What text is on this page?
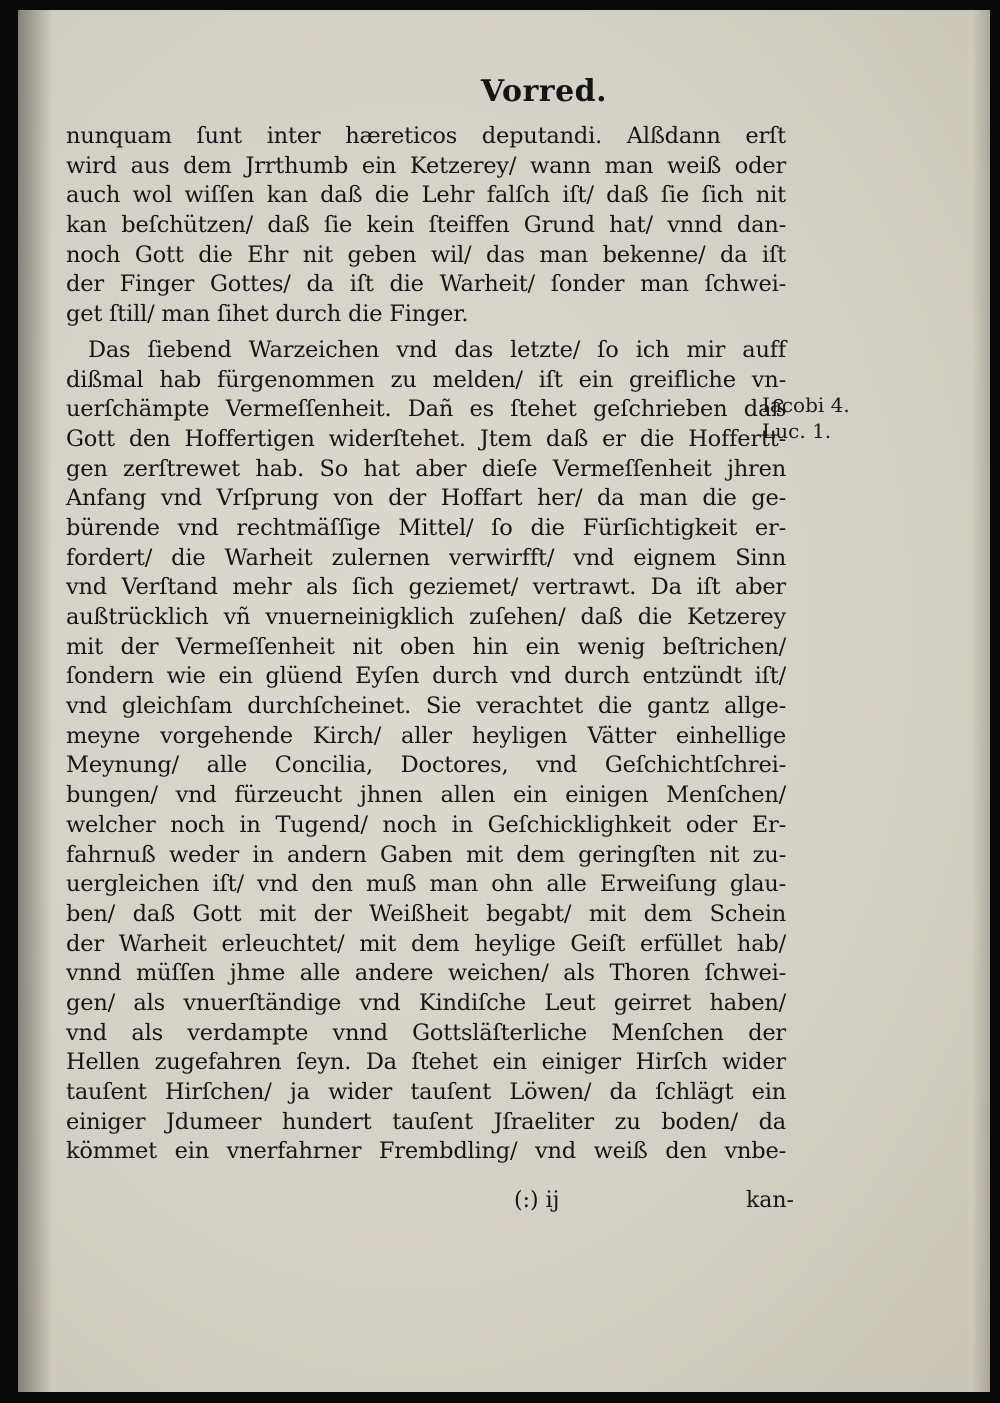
Vorred.
nunquam ſunt inter hæreticos deputandi. Alßdann erſt
wird aus dem Jrrthumb ein Ketzerey/ wann man weiß oder
auch wol wiſſen kan daß die Lehr falſch iſt/ daß ſie ſich nit
kan beſchützen/ daß ſie kein ſteiffen Grund hat/ vnnd dan-
noch Gott die Ehr nit geben wil/ das man bekenne/ da iſt
der Finger Gottes/ da iſt die Warheit/ ſonder man ſchwei-
get ſtill/ man ſihet durch die Finger.
Das ſiebend Warzeichen vnd das letzte/ ſo ich mir auff
dißmal hab fürgenommen zu melden/ iſt ein greifliche vn-
uerſchämpte Vermeſſenheit. Dañ es ſtehet geſchrieben daß
Gott den Hoffertigen widerſtehet. Jtem daß er die Hoffertt-
gen zerſtrewet hab. So hat aber dieſe Vermeſſenheit jhren
Anfang vnd Vrſprung von der Hoffart her/ da man die ge-
bürende vnd rechtmäſſige Mittel/ ſo die Fürſichtigkeit er-
fordert/ die Warheit zulernen verwirfft/ vnd eignem Sinn
vnd Verſtand mehr als ſich geziemet/ vertrawt. Da iſt aber
außtrücklich vñ vnuerneinigklich zuſehen/ daß die Ketzerey
mit der Vermeſſenheit nit oben hin ein wenig beſtrichen/
ſondern wie ein glüend Eyſen durch vnd durch entzündt iſt/
vnd gleichſam durchſcheinet. Sie verachtet die gantz allge-
meyne vorgehende Kirch/ aller heyligen Vätter einhellige
Meynung/ alle Concilia, Doctores, vnd Geſchichtſchrei-
bungen/ vnd fürzeucht jhnen allen ein einigen Menſchen/
welcher noch in Tugend/ noch in Geſchicklighkeit oder Er-
fahrnuß weder in andern Gaben mit dem geringſten nit zu-
uergleichen iſt/ vnd den muß man ohn alle Erweiſung glau-
ben/ daß Gott mit der Weißheit begabt/ mit dem Schein
der Warheit erleuchtet/ mit dem heylige Geiſt erfüllet hab/
vnnd müſſen jhme alle andere weichen/ als Thoren ſchwei-
gen/ als vnuerſtändige vnd Kindiſche Leut geirret haben/
vnd als verdampte vnnd Gottsläſterliche Menſchen der
Hellen zugefahren ſeyn. Da ſtehet ein einiger Hirſch wider
tauſent Hirſchen/ ja wider tauſent Löwen/ da ſchlägt ein
einiger Jdumeer hundert tauſent Jſraeliter zu boden/ da
kömmet ein vnerfahrner Frembdling/ vnd weiß den vnbe-
Iacobi 4.
Luc. 1.
(:) ij	kan-
